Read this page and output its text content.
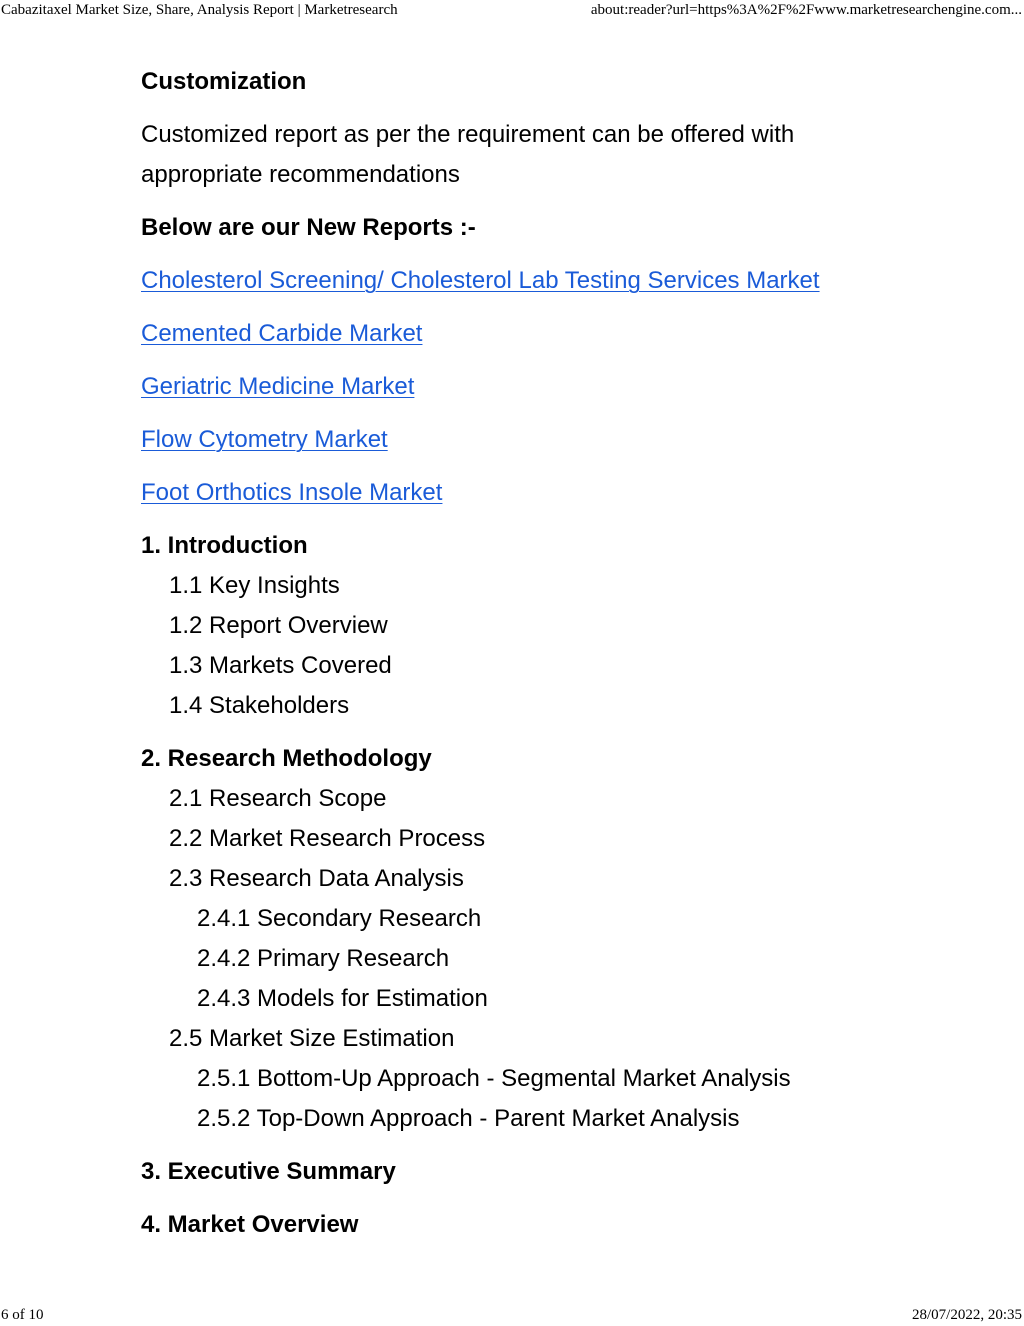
Cabazitaxel Market Size, Share, Analysis Report | Marketresearch	about:reader?url=https%3A%2F%2Fwww.marketresearchengine.com...

Customization

Customized report as per the requirement can be offered with appropriate recommendations

Below are our New Reports :-

Cholesterol Screening/ Cholesterol Lab Testing Services Market

Cemented Carbide Market

Geriatric Medicine Market

Flow Cytometry Market

Foot Orthotics Insole Market

1. Introduction
1.1 Key Insights
1.2 Report Overview
1.3 Markets Covered
1.4 Stakeholders
2. Research Methodology
2.1 Research Scope
2.2 Market Research Process
2.3 Research Data Analysis
2.4.1 Secondary Research
2.4.2 Primary Research
2.4.3 Models for Estimation
2.5 Market Size Estimation
2.5.1 Bottom-Up Approach - Segmental Market Analysis
2.5.2 Top-Down Approach - Parent Market Analysis
3. Executive Summary
4. Market Overview
6 of 10	28/07/2022, 20:35
